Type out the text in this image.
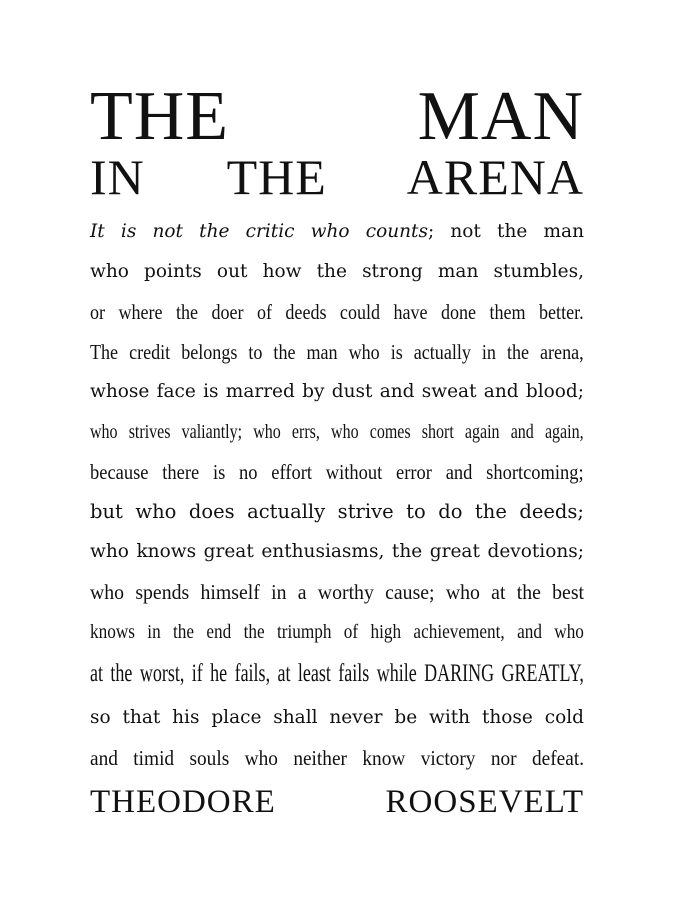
THE MAN
IN THE ARENA
It is not the critic who counts; not the man
who points out how the strong man stumbles,
or where the doer of deeds could have done them better.
The credit belongs to the man who is actually in the arena,
whose face is marred by dust and sweat and blood;
who strives valiantly; who errs, who comes short again and again,
because there is no effort without error and shortcoming;
but who does actually strive to do the deeds;
who knows great enthusiasms, the great devotions;
who spends himself in a worthy cause; who at the best
knows in the end the triumph of high achievement, and who
at the worst, if he fails, at least fails while DARING GREATLY,
so that his place shall never be with those cold
and timid souls who neither know victory nor defeat.
THEODORE ROOSEVELT
